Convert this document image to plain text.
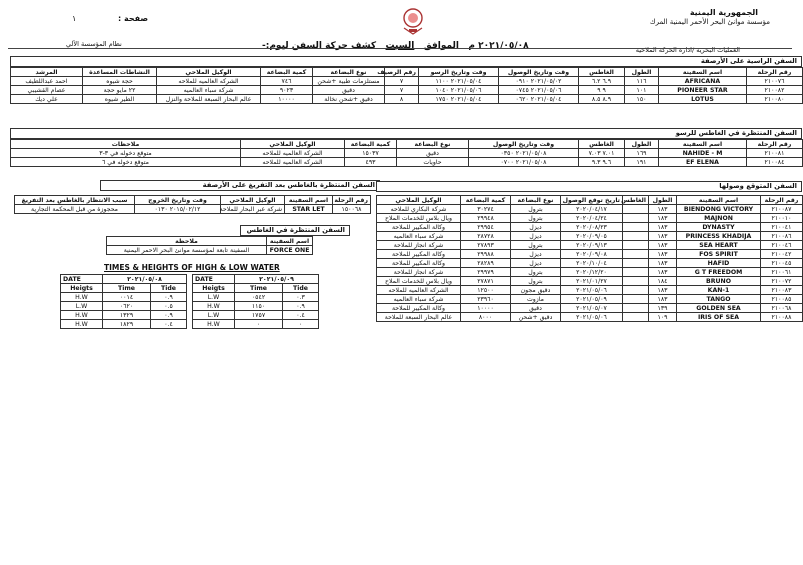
الجمهورية اليمنية
مؤسسة موانئ البحر الأحمر اليمنية المرك
صفحة :
١
العمليات البحرية /ادارة الحركة الملاحية
نظام المؤسسة الآلي	٢٠٢١/٠٥/٠٨ م   الموافق   السبت   كشف حركة السفن ليوم:-
السفن الراسية على الأرصفة
رقم الرحلة	اسم السفينة	الطول	الغاطس	وقت وتاريخ الوصول	وقت وتاريخ الرسو	رقم الرصيف	نوع البضاعة	كمية البضاعة	الوكيل الملاحي	النشاطات المساعدة	المرشد
٢١٠٠٧٦	AFRICANA	١١٦	٦.٩ ٦.٢	٢٠٢١/٠٥/٠٢ ٠٩١٠	٢٠٢١/٠٥/٠٤ ١١٠٠	٧	مستلزمات طبية +شحن	٧٤٦	الشركه العالميه للملاحه	حجة شيوه	احمد عبداللطيف
٢١٠٠٨٢	PIONEER STAR	١٠١	٩ ٩	٢٠٢١/٠٥/٠٦ ٠٧٤٥	٢٠٢١/٠٥/٠٦ ١٠٤٠	٧	دقيق	٩٠٢٣	شركة سباء العالميه	٢٢ مايو حجة	عصام القشيبي
٢١٠٠٨٠	LOTUS	١٥٠	٨.٩ ٨.٥	٢٠٢١/٠٥/٠٤ ٠٦٢٠	٢٠٢١/٠٥/٠٤ ١٧٥٠	٨	دقيق +شحن نخالة	١٠٠٠٠	عالم البحار السبعة للملاحة والنزل	الطير شيوه	علي ديك
السفن المنتظرة في الغاطس للرسو
رقم الرحلة	اسم السفينة	الطول	الغاطس	وقت وتاريخ الوصول	نوع البضاعة	كمية البضاعة	الوكيل الملاحي	ملاحظات
٢١٠٠٨١	NAHIDE - M	١٦٩	٧.٠١ ٧.٠٣	٢٠٢١/٠٥/٠٨ ٠٣٥٠	دقيق	١٥٠٣٧	الشركة العالميه للملاحه	متوقع دخوله في ٣-٣
٢١٠٠٨٤	EF ELENA	١٩١	٩.٦ ٩.٣	٢٠٢١/٠٥/٠٨ ٠٧٠٠	حاويات	٤٩٣	الشركه العالميه للملاحه	متوقع دخوله في ٦
السفن المنتظرة بالغاطس بعد التفريغ على الأرصفة
رقم الرحلة	اسم السفينة	الوكيل الملاحي	وقت وتاريخ الخروج	سبب الانتظار بالغاطس بعد التفريغ
١٥٠٠٦٨	STAR LET	شركة عبر البحار للملاحة	٢٠١٥/٠٢/١٢ ٠١٣٠	محجوزة من قبل المحكمة التجارية
السفن المنتظرة في الغاطس
اسم السفينة	ملاحظة
FORCE ONE	السفينة تابعة لمؤسسة موانئ البحر الاحمر اليمنية
TIMES & HEIGHTS OF HIGH & LOW WATER
DATE	٢٠٢١/٠٥/٠٨	
Heigts	Time	Tide
H.W	٠٠١٤	٠.٩
L.W	٠٦٢٠	٠.٥
H.W	١٣٢٩	٠.٩
H.W	١٨٢٩	٠.٤
DATE	٢٠٢١/٠٥/٠٩	
Heigts	Time	Tide
L.W	٠٥٤٢	٠.٣
H.W	١١٥٠	٠.٩
L.W	١٧٥٧	٠.٤
H.W	٠	٠
السفن المتوقع وصولها
رقم الرحلة	اسم السفينة	الطول	الغاطس	تاريخ توقع الوصول	نوع البضاعة	كمية البضاعة	الوكيل الملاحي
٢١٠٠٨٧	BIENDONG VICTORY	١٨٣		٢٠٢٠/٠٤/١٧	بترول	٣٠٢٧٤	شركة البكاري للملاحه
٢١٠٠١٠	MAJNON	١٨٣		٢٠٢٠/٠٤/٢٤	بترول	٢٩٩٤٨	ويال بلاس للخدمات الملاح
٢١٠٠٤١	DYNASTY	١٨٣		٢٠٢٠/٠٨/٢٣	ديزل	٢٩٩٥٤	وكالة المكيير للملاحة
٢١٠٠٨٦	PRINCESS KHADIJA	١٨٣		٢٠٢٠/٠٩/٠٥	ديزل	٢٨٧٢٨	شركة سباء العالميه
٢١٠٠٤٦	SEA HEART	١٨٣		٢٠٢٠/٠٩/١٣	بترول	٢٧٨٩٣	شركة انجاز للملاحة
٢١٠٠٤٢	FOS SPIRIT	١٨٣		٢٠٢٠/٠٩/٠٨	ديزل	٢٩٩٨٨	وكالة المكيير للملاحة
٢١٠٠٤٥	HAFID	١٨٣		٢٠٢٠/١٠/٠٤	ديزل	٢٨٢٨٩	وكالة المكيير للملاحة
٢١٠٠٦١	G T FREEDOM	١٨٣		٢٠٢٠/١٢/٢٠	بترول	٢٩٩٧٩	شركة انجاز للملاحة
٢١٠٠٧٢	BRUNO	١٨٤		٢٠٢١/٠١/٢٧	بترول	٢٧٨٧١	ويال بلاس للخدمات الملاح
٢١٠٠٨٣	KAN-1	١٨٣		٢٠٢١/٠٥/٠٦	دقيق مجون	١٢٥٠٠	الشركه العالميه للملاحه
٢١٠٠٨٥	TANGO	١٨٣		٢٠٢١/٠٥/٠٩	مازوت	٢٣٩٦٠	شركة سباء العالميه
٢١٠٠٦٨	GOLDEN SEA	١٣٩		٢٠٢١/٠٥/٠٧	دقيق	١٠٠٠٠	وكالة المكيير للملاحة
٢١٠٠٨٨	IRIS OF SEA	١٠٩		٢٠٢١/٠٥/٠٦	دقيق +شحن	٨٠٠٠	عالم البحار السبعة للملاحة
